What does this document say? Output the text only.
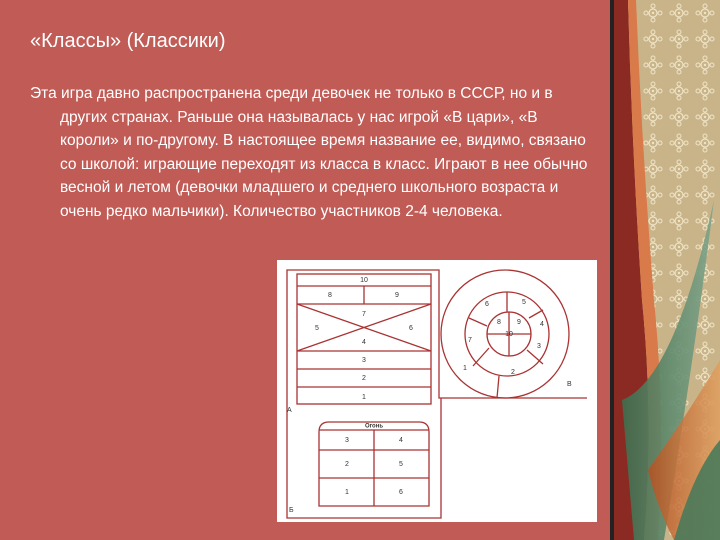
«Классы» (Классики)
Эта игра давно распространена среди девочек не только в СССР, но и в других странах. Раньше она называлась у нас игрой «В цари», «В короли» и по-другому. В настоящее время название ее, видимо, связано со школой: играющие переходят из класса в класс. Играют в нее обычно весной и летом (девочки младшего и среднего школьного возраста и очень редко мальчики). Количество участников 2-4 человека.
А
Б
В
10
8	9
7
5	6
4
3
2
1
10
8 9
6	5
4
7
3
1
2
Огонь
3	4
2	5
1	6
